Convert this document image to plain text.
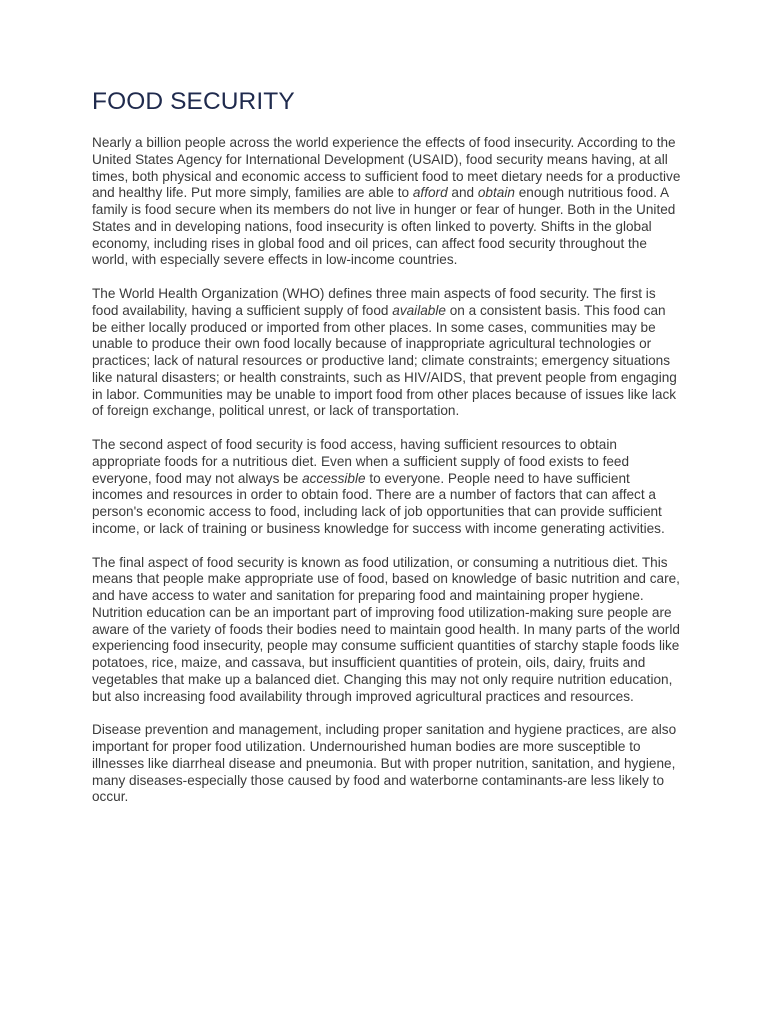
FOOD SECURITY

Nearly a billion people across the world experience the effects of food insecurity. According to the United States Agency for International Development (USAID), food security means having, at all times, both physical and economic access to sufficient food to meet dietary needs for a productive and healthy life. Put more simply, families are able to afford and obtain enough nutritious food. A family is food secure when its members do not live in hunger or fear of hunger. Both in the United States and in developing nations, food insecurity is often linked to poverty. Shifts in the global economy, including rises in global food and oil prices, can affect food security throughout the world, with especially severe effects in low-income countries.

The World Health Organization (WHO) defines three main aspects of food security. The first is food availability, having a sufficient supply of food available on a consistent basis. This food can be either locally produced or imported from other places. In some cases, communities may be unable to produce their own food locally because of inappropriate agricultural technologies or practices; lack of natural resources or productive land; climate constraints; emergency situations like natural disasters; or health constraints, such as HIV/AIDS, that prevent people from engaging in labor. Communities may be unable to import food from other places because of issues like lack of foreign exchange, political unrest, or lack of transportation.

The second aspect of food security is food access, having sufficient resources to obtain appropriate foods for a nutritious diet. Even when a sufficient supply of food exists to feed everyone, food may not always be accessible to everyone. People need to have sufficient incomes and resources in order to obtain food. There are a number of factors that can affect a person's economic access to food, including lack of job opportunities that can provide sufficient income, or lack of training or business knowledge for success with income generating activities.

The final aspect of food security is known as food utilization, or consuming a nutritious diet. This means that people make appropriate use of food, based on knowledge of basic nutrition and care, and have access to water and sanitation for preparing food and maintaining proper hygiene. Nutrition education can be an important part of improving food utilization-making sure people are aware of the variety of foods their bodies need to maintain good health. In many parts of the world experiencing food insecurity, people may consume sufficient quantities of starchy staple foods like potatoes, rice, maize, and cassava, but insufficient quantities of protein, oils, dairy, fruits and vegetables that make up a balanced diet. Changing this may not only require nutrition education, but also increasing food availability through improved agricultural practices and resources.

Disease prevention and management, including proper sanitation and hygiene practices, are also important for proper food utilization. Undernourished human bodies are more susceptible to illnesses like diarrheal disease and pneumonia. But with proper nutrition, sanitation, and hygiene, many diseases-especially those caused by food and waterborne contaminants-are less likely to occur.
